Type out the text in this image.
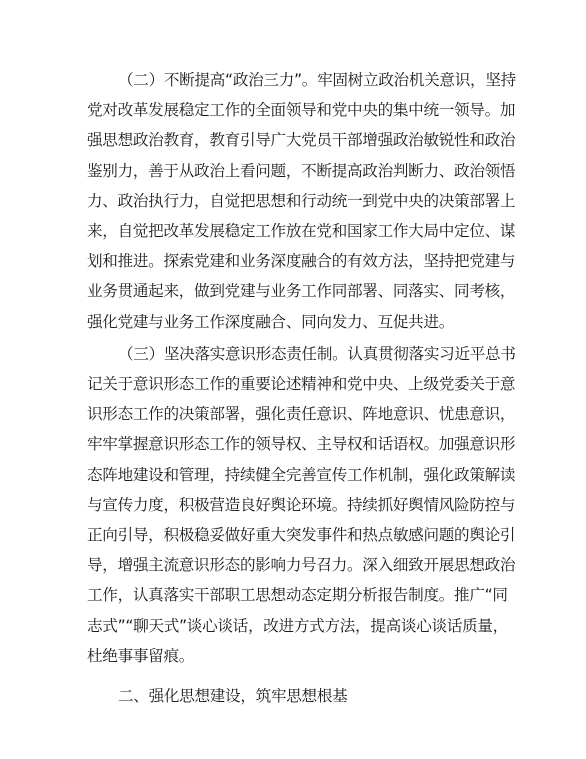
（二）不断提高“政治三力”。牢固树立政治机关意识，坚持党对改革发展稳定工作的全面领导和党中央的集中统一领导。加强思想政治教育，教育引导广大党员干部增强政治敏锐性和政治鉴别力，善于从政治上看问题，不断提高政治判断力、政治领悟力、政治执行力，自觉把思想和行动统一到党中央的决策部署上来，自觉把改革发展稳定工作放在党和国家工作大局中定位、谋划和推进。探索党建和业务深度融合的有效方法，坚持把党建与业务贯通起来，做到党建与业务工作同部署、同落实、同考核，强化党建与业务工作深度融合、同向发力、互促共进。

（三）坚决落实意识形态责任制。认真贯彻落实习近平总书记关于意识形态工作的重要论述精神和党中央、上级党委关于意识形态工作的决策部署，强化责任意识、阵地意识、忧患意识，牢牢掌握意识形态工作的领导权、主导权和话语权。加强意识形态阵地建设和管理，持续健全完善宣传工作机制，强化政策解读与宣传力度，积极营造良好舆论环境。持续抓好舆情风险防控与正向引导，积极稳妥做好重大突发事件和热点敏感问题的舆论引导，增强主流意识形态的影响力号召力。深入细致开展思想政治工作，认真落实干部职工思想动态定期分析报告制度。推广“同志式”“聊天式”谈心谈话，改进方式方法，提高谈心谈话质量，杜绝事事留痕。

二、强化思想建设，筑牢思想根基
